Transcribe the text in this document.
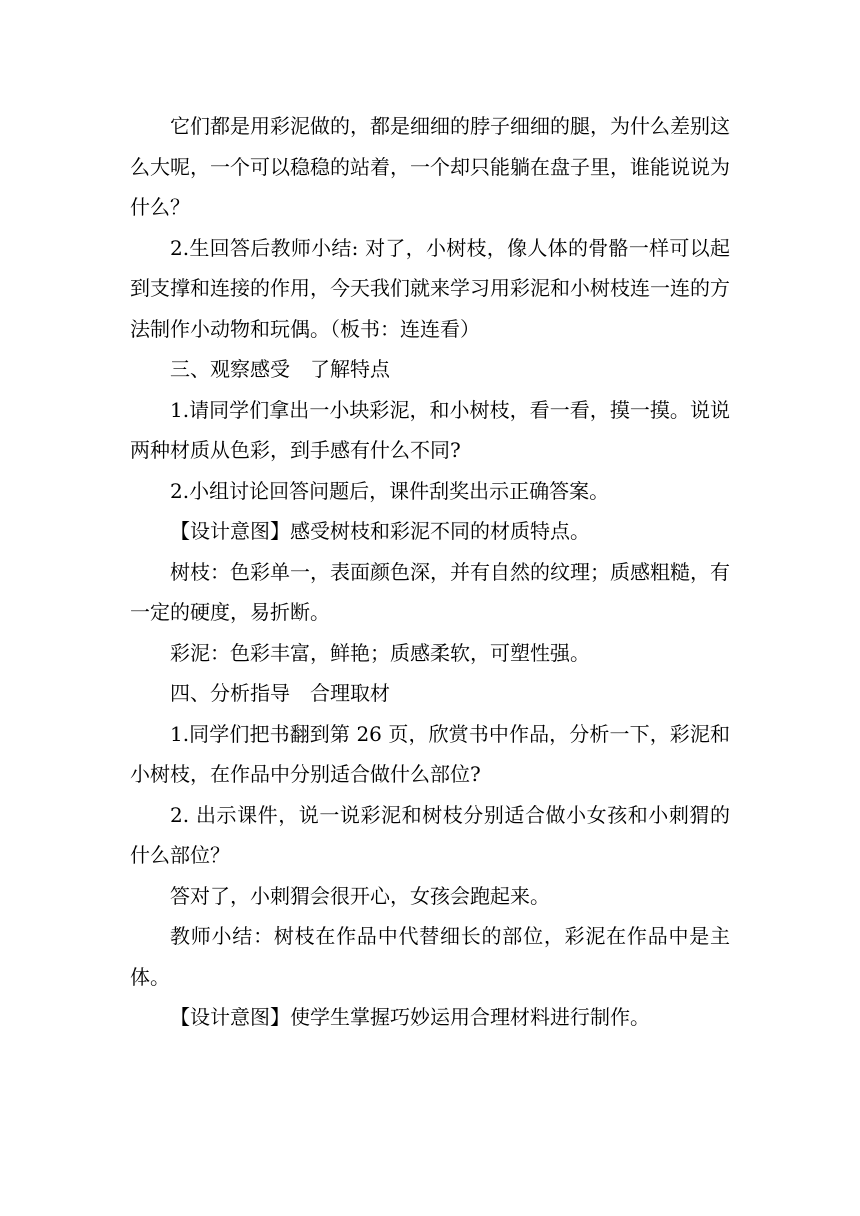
它们都是用彩泥做的，都是细细的脖子细细的腿，为什么差别这么大呢，一个可以稳稳的站着，一个却只能躺在盘子里，谁能说说为什么？

2.生回答后教师小结: 对了，小树枝，像人体的骨骼一样可以起到支撑和连接的作用，今天我们就来学习用彩泥和小树枝连一连的方法制作小动物和玩偶。（板书：连连看）

三、观察感受　了解特点

1.请同学们拿出一小块彩泥，和小树枝，看一看，摸一摸。说说两种材质从色彩，到手感有什么不同?

2.小组讨论回答问题后，课件刮奖出示正确答案。

【设计意图】感受树枝和彩泥不同的材质特点。

树枝：色彩单一，表面颜色深，并有自然的纹理；质感粗糙，有一定的硬度，易折断。

彩泥：色彩丰富，鲜艳；质感柔软，可塑性强。

四、分析指导　合理取材

1.同学们把书翻到第 26 页，欣赏书中作品，分析一下，彩泥和小树枝，在作品中分别适合做什么部位?

2. 出示课件，说一说彩泥和树枝分别适合做小女孩和小刺猬的什么部位？

答对了，小刺猬会很开心，女孩会跑起来。

教师小结：树枝在作品中代替细长的部位，彩泥在作品中是主体。

【设计意图】使学生掌握巧妙运用合理材料进行制作。
